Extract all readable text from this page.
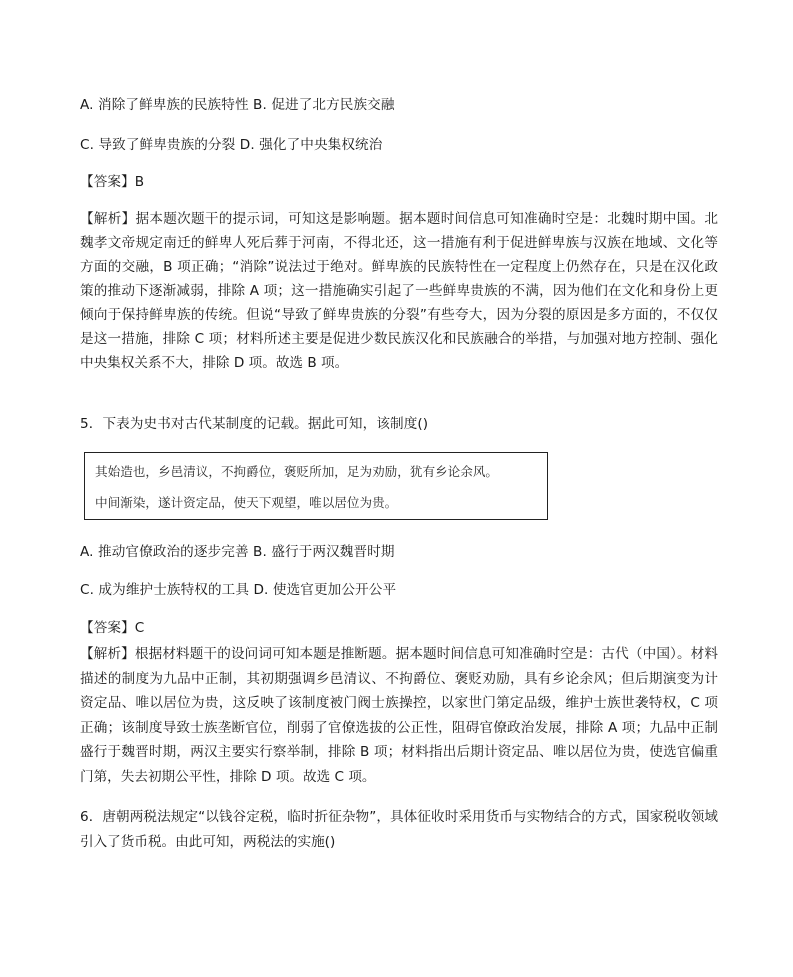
A. 消除了鲜卑族的民族特性 B. 促进了北方民族交融
C. 导致了鲜卑贵族的分裂 D. 强化了中央集权统治
【答案】B
【解析】据本题次题干的提示词，可知这是影响题。据本题时间信息可知准确时空是：北魏时期中国。北魏孝文帝规定南迁的鲜卑人死后葬于河南，不得北还，这一措施有利于促进鲜卑族与汉族在地域、文化等方面的交融，B 项正确；“消除”说法过于绝对。鲜卑族的民族特性在一定程度上仍然存在，只是在汉化政策的推动下逐渐减弱，排除 A 项；这一措施确实引起了一些鲜卑贵族的不满，因为他们在文化和身份上更倾向于保持鲜卑族的传统。但说“导致了鲜卑贵族的分裂”有些夸大，因为分裂的原因是多方面的，不仅仅是这一措施，排除 C 项；材料所述主要是促进少数民族汉化和民族融合的举措，与加强对地方控制、强化中央集权关系不大，排除 D 项。故选 B 项。
5．下表为史书对古代某制度的记载。据此可知，该制度()
其始造也，乡邑清议，不拘爵位，褒贬所加，足为劝励，犹有乡论余风。
中间渐染，遂计资定品，使天下观望，唯以居位为贵。
A. 推动官僚政治的逐步完善 B. 盛行于两汉魏晋时期
C. 成为维护士族特权的工具 D. 使选官更加公开公平
【答案】C
【解析】根据材料题干的设问词可知本题是推断题。据本题时间信息可知准确时空是：古代（中国）。材料描述的制度为九品中正制，其初期强调乡邑清议、不拘爵位、褒贬劝励，具有乡论余风；但后期演变为计资定品、唯以居位为贵，这反映了该制度被门阀士族操控，以家世门第定品级，维护士族世袭特权，C 项正确；该制度导致士族垄断官位，削弱了官僚选拔的公正性，阻碍官僚政治发展，排除 A 项；九品中正制盛行于魏晋时期，两汉主要实行察举制，排除 B 项；材料指出后期计资定品、唯以居位为贵，使选官偏重门第，失去初期公平性，排除 D 项。故选 C 项。
6．唐朝两税法规定“以钱谷定税，临时折征杂物”，具体征收时采用货币与实物结合的方式，国家税收领域引入了货币税。由此可知，两税法的实施()
